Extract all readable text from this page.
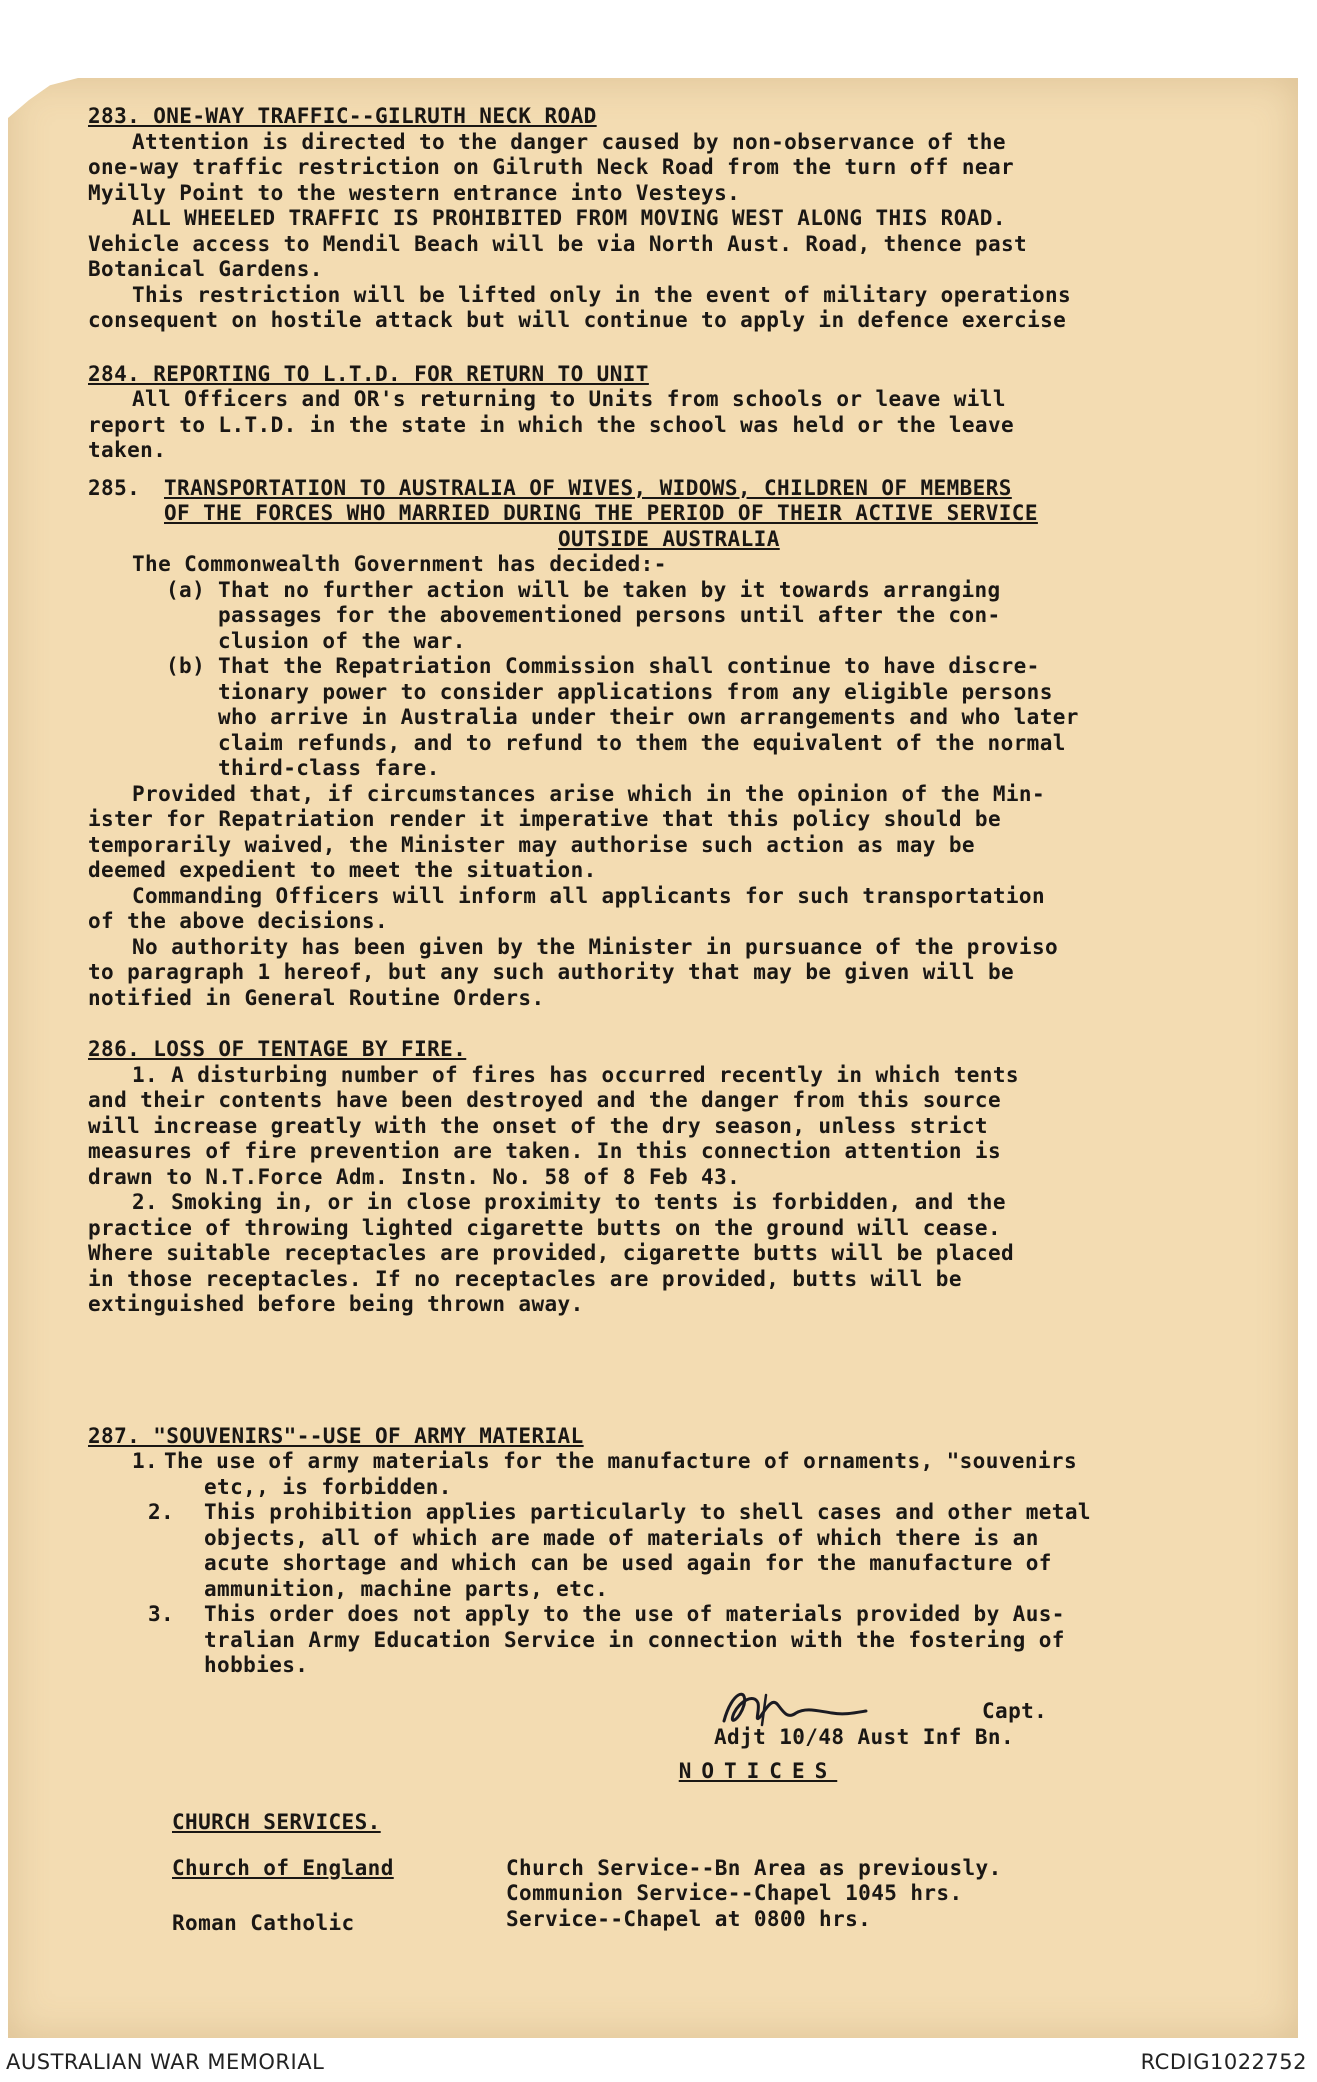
283. ONE-WAY TRAFFIC--GILRUTH NECK ROAD
Attention is directed to the danger caused by non-observance of the
one-way traffic restriction on Gilruth Neck Road from the turn off near
Myilly Point to the western entrance into Vesteys.
ALL WHEELED TRAFFIC IS PROHIBITED FROM MOVING WEST ALONG THIS ROAD.
Vehicle access to Mendil Beach will be via North Aust. Road, thence past
Botanical Gardens.
This restriction will be lifted only in the event of military operations
consequent on hostile attack but will continue to apply in defence exercise
284. REPORTING TO L.T.D. FOR RETURN TO UNIT
All Officers and OR's returning to Units from schools or leave will
report to L.T.D. in the state in which the school was held or the leave
taken.
285. TRANSPORTATION TO AUSTRALIA OF WIVES, WIDOWS, CHILDREN OF MEMBERS
OF THE FORCES WHO MARRIED DURING THE PERIOD OF THEIR ACTIVE SERVICE
OUTSIDE AUSTRALIA
The Commonwealth Government has decided:-
(a) That no further action will be taken by it towards arranging
passages for the abovementioned persons until after the con-
clusion of the war.
(b) That the Repatriation Commission shall continue to have discre-
tionary power to consider applications from any eligible persons
who arrive in Australia under their own arrangements and who later
claim refunds, and to refund to them the equivalent of the normal
third-class fare.
Provided that, if circumstances arise which in the opinion of the Min-
ister for Repatriation render it imperative that this policy should be
temporarily waived, the Minister may authorise such action as may be
deemed expedient to meet the situation.
Commanding Officers will inform all applicants for such transportation
of the above decisions.
No authority has been given by the Minister in pursuance of the proviso
to paragraph 1 hereof, but any such authority that may be given will be
notified in General Routine Orders.
286. LOSS OF TENTAGE BY FIRE.
1. A disturbing number of fires has occurred recently in which tents
and their contents have been destroyed and the danger from this source
will increase greatly with the onset of the dry season, unless strict
measures of fire prevention are taken. In this connection attention is
drawn to N.T.Force Adm. Instn. No. 58 of 8 Feb 43.
2. Smoking in, or in close proximity to tents is forbidden, and the
practice of throwing lighted cigarette butts on the ground will cease.
Where suitable receptacles are provided, cigarette butts will be placed
in those receptacles. If no receptacles are provided, butts will be
extinguished before being thrown away.
287. "SOUVENIRS"--USE OF ARMY MATERIAL
1. The use of army materials for the manufacture of ornaments, "souvenirs
etc,, is forbidden.
2. This prohibition applies particularly to shell cases and other metal
objects, all of which are made of materials of which there is an
acute shortage and which can be used again for the manufacture of
ammunition, machine parts, etc.
3. This order does not apply to the use of materials provided by Aus-
tralian Army Education Service in connection with the fostering of
hobbies.
Capt.
Adjt 10/48 Aust Inf Bn.
NOTICES
CHURCH SERVICES.
Church of England	Church Service--Bn Area as previously.
Communion Service--Chapel 1045 hrs.
Roman Catholic	Service--Chapel at 0800 hrs.
AUSTRALIAN WAR MEMORIAL	RCDIG1022752
